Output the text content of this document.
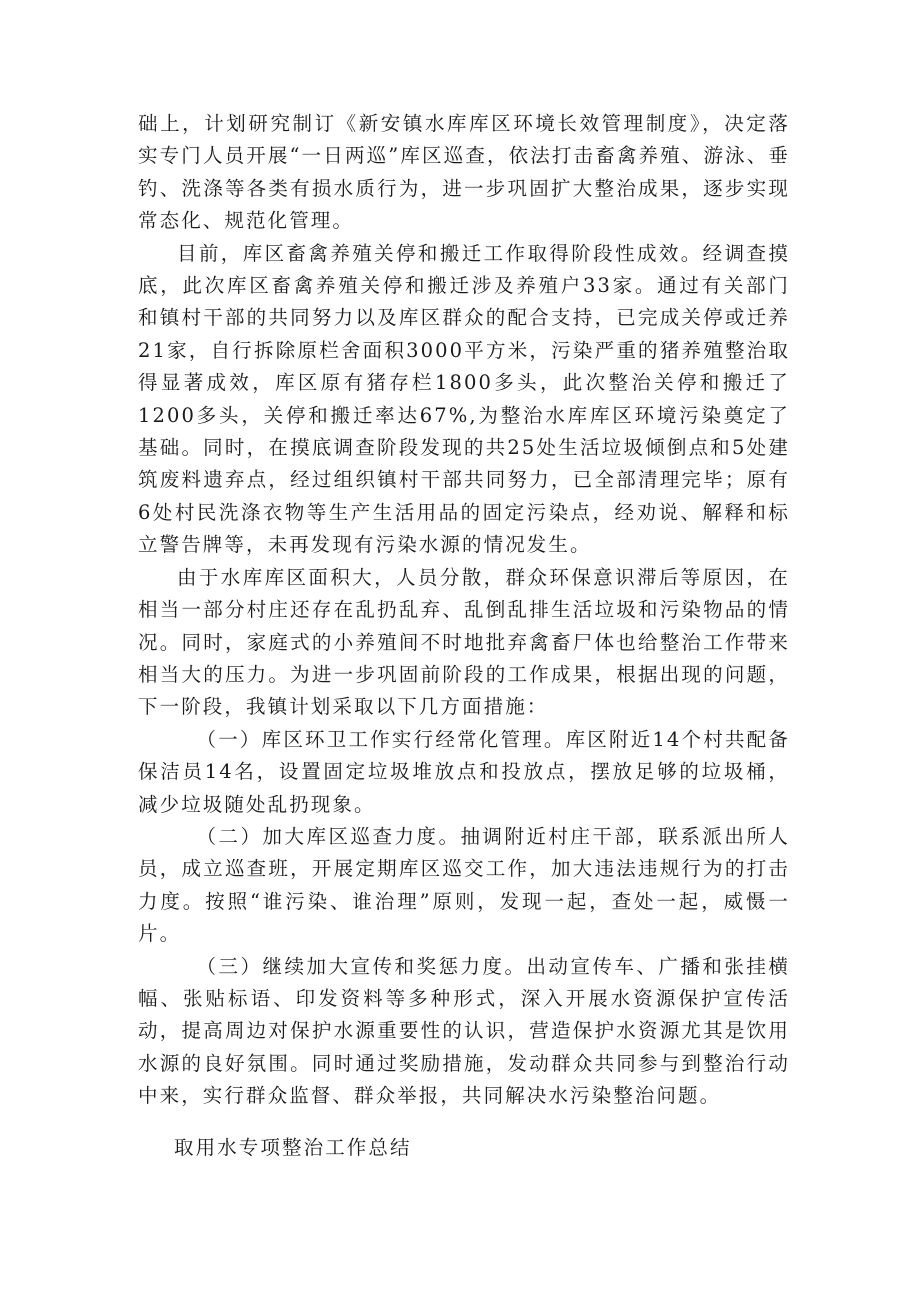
础上，计划研究制订《新安镇水库库区环境长效管理制度》，决定落实专门人员开展“一日两巡”库区巡查，依法打击畜禽养殖、游泳、垂钓、洗涤等各类有损水质行为，进一步巩固扩大整治成果，逐步实现常态化、规范化管理。

目前，库区畜禽养殖关停和搬迁工作取得阶段性成效。经调查摸底，此次库区畜禽养殖关停和搬迁涉及养殖户33家。通过有关部门和镇村干部的共同努力以及库区群众的配合支持，已完成关停或迁养21家，自行拆除原栏舍面积3000平方米，污染严重的猪养殖整治取得显著成效，库区原有猪存栏1800多头，此次整治关停和搬迁了1200多头，关停和搬迁率达67%,为整治水库库区环境污染奠定了基础。同时，在摸底调查阶段发现的共25处生活垃圾倾倒点和5处建筑废料遗弃点，经过组织镇村干部共同努力，已全部清理完毕；原有6处村民洗涤衣物等生产生活用品的固定污染点，经劝说、解释和标立警告牌等，未再发现有污染水源的情况发生。

由于水库库区面积大，人员分散，群众环保意识滞后等原因，在相当一部分村庄还存在乱扔乱弃、乱倒乱排生活垃圾和污染物品的情况。同时，家庭式的小养殖间不时地批弃禽畜尸体也给整治工作带来相当大的压力。为进一步巩固前阶段的工作成果，根据出现的问题，下一阶段，我镇计划采取以下几方面措施：

（一）库区环卫工作实行经常化管理。库区附近14个村共配备保洁员14名，设置固定垃圾堆放点和投放点，摆放足够的垃圾桶，减少垃圾随处乱扔现象。

（二）加大库区巡查力度。抽调附近村庄干部，联系派出所人员，成立巡查班，开展定期库区巡交工作，加大违法违规行为的打击力度。按照“谁污染、谁治理”原则，发现一起，查处一起，威慑一片。

（三）继续加大宣传和奖惩力度。出动宣传车、广播和张挂横幅、张贴标语、印发资料等多种形式，深入开展水资源保护宣传活动，提高周边对保护水源重要性的认识，营造保护水资源尤其是饮用水源的良好氛围。同时通过奖励措施，发动群众共同参与到整治行动中来，实行群众监督、群众举报，共同解决水污染整治问题。

取用水专项整治工作总结
